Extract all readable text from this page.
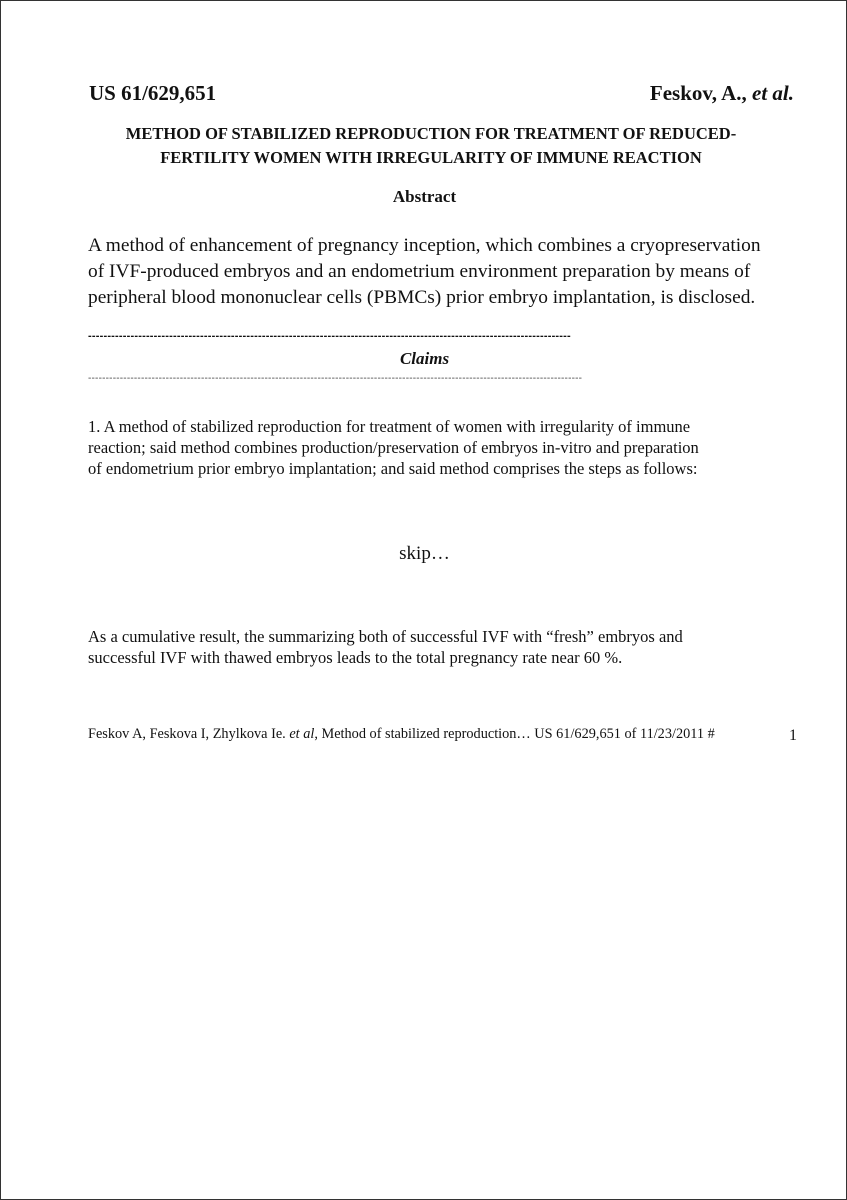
US 61/629,651	Feskov, A., et al.
METHOD OF STABILIZED REPRODUCTION FOR TREATMENT OF REDUCED-
FERTILITY WOMEN WITH IRREGULARITY OF IMMUNE REACTION
Abstract
A method of enhancement of pregnancy inception, which combines a cryopreservation
of IVF-produced embryos and an endometrium environment preparation by means of
peripheral blood mononuclear cells (PBMCs) prior embryo implantation, is disclosed.
-----------------------------------------------------------------------------------------------------------------------------
Claims
--------------------------------------------------------------------------------------------------------------------------------------------
1. A method of stabilized reproduction for treatment of women with irregularity of immune
reaction; said method combines production/preservation of embryos in-vitro and preparation
of endometrium prior embryo implantation; and said method comprises the steps as follows:
skip…
As a cumulative result, the summarizing both of successful IVF with “fresh” embryos and
successful IVF with thawed embryos leads to the total pregnancy rate near 60 %.
Feskov A, Feskova I, Zhylkova Ie. et al, Method of stabilized reproduction… US 61/629,651 of 11/23/2011 #	1
